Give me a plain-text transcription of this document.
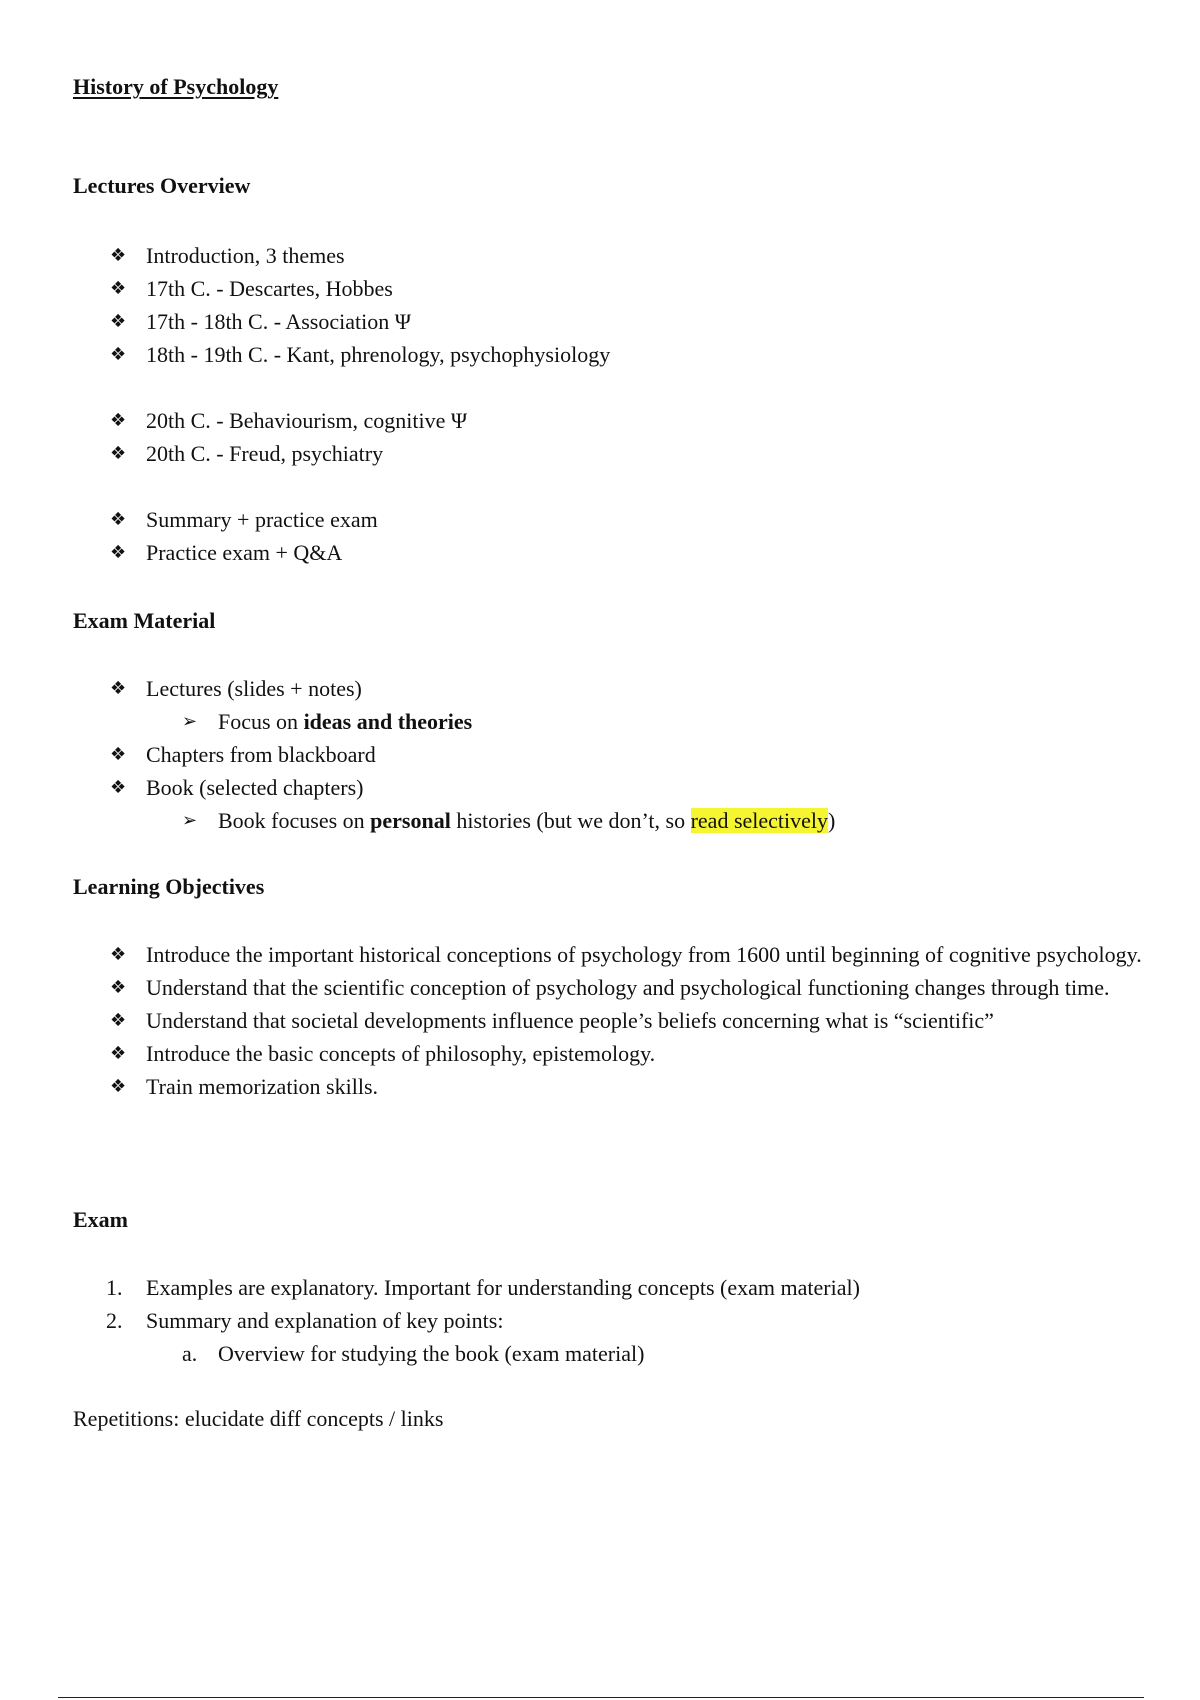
History of Psychology
Lectures Overview
❖ Introduction, 3 themes
❖ 17th C. - Descartes, Hobbes
❖ 17th - 18th C. - Association Ψ
❖ 18th - 19th C. - Kant, phrenology, psychophysiology
❖ 20th C. - Behaviourism, cognitive Ψ
❖ 20th C. - Freud, psychiatry
❖ Summary + practice exam
❖ Practice exam + Q&A
Exam Material
❖ Lectures (slides + notes)
➢ Focus on ideas and theories
❖ Chapters from blackboard
❖ Book (selected chapters)
➢ Book focuses on personal histories (but we don’t, so read selectively)
Learning Objectives
❖ Introduce the important historical conceptions of psychology from 1600 until beginning of cognitive psychology.
❖ Understand that the scientific conception of psychology and psychological functioning changes through time.
❖ Understand that societal developments influence people’s beliefs concerning what is “scientific”
❖ Introduce the basic concepts of philosophy, epistemology.
❖ Train memorization skills.
Exam
1. Examples are explanatory. Important for understanding concepts (exam material)
2. Summary and explanation of key points:
a. Overview for studying the book (exam material)

Repetitions: elucidate diff concepts / links
